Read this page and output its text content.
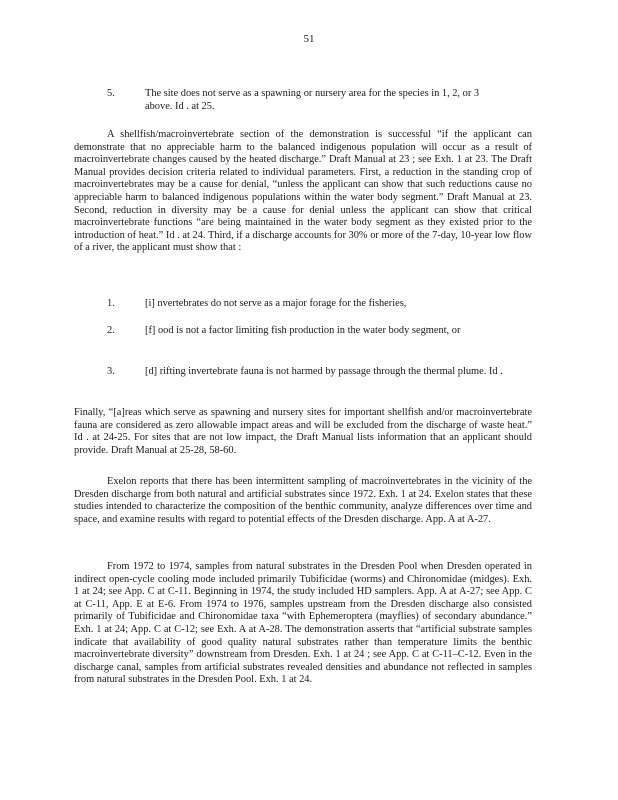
51
5.	The site does not serve as a spawning or nursery area for the species in 1, 2, or 3 above. Id . at 25.

A shellfish/macroinvertebrate section of the demonstration is successful “if the applicant can demonstrate that no appreciable harm to the balanced indigenous population will occur as a result of macroinvertebrate changes caused by the heated discharge.” Draft Manual at 23 ; see Exh. 1 at 23. The Draft Manual provides decision criteria related to individual parameters. First, a reduction in the standing crop of macroinvertebrates may be a cause for denial, “unless the applicant can show that such reductions cause no appreciable harm to balanced indigenous populations within the water body segment.” Draft Manual at 23. Second, reduction in diversity may be a cause for denial unless the applicant can show that critical macroinvertebrate functions “are being maintained in the water body segment as they existed prior to the introduction of heat.” Id . at 24. Third, if a discharge accounts for 30% or more of the 7-day, 10-year low flow of a river, the applicant must show that :

1.	[i] nvertebrates do not serve as a major forage for the fisheries,
2.	[f] ood is not a factor limiting fish production in the water body segment, or
3.	[d] rifting invertebrate fauna is not harmed by passage through the thermal plume. Id .

Finally, “[a]reas which serve as spawning and nursery sites for important shellfish and/or macroinvertebrate fauna are considered as zero allowable impact areas and will be excluded from the discharge of waste heat.” Id . at 24-25. For sites that are not low impact, the Draft Manual lists information that an applicant should provide. Draft Manual at 25-28, 58-60.

Exelon reports that there has been intermittent sampling of macroinvertebrates in the vicinity of the Dresden discharge from both natural and artificial substrates since 1972. Exh. 1 at 24. Exelon states that these studies intended to characterize the composition of the benthic community, analyze differences over time and space, and examine results with regard to potential effects of the Dresden discharge. App. A at A-27.

From 1972 to 1974, samples from natural substrates in the Dresden Pool when Dresden operated in indirect open-cycle cooling mode included primarily Tubificidae (worms) and Chironomidae (midges). Exh. 1 at 24; see App. C at C-11. Beginning in 1974, the study included HD samplers. App. A at A-27; see App. C at C-11, App. E at E-6. From 1974 to 1976, samples upstream from the Dresden discharge also consisted primarily of Tubificidae and Chironomidae taxa “with Ephemeroptera (mayflies) of secondary abundance.” Exh. 1 at 24; App. C at C-12; see Exh. A at A-28. The demonstration asserts that “artificial substrate samples indicate that availability of good quality natural substrates rather than temperature limits the benthic macroinvertebrate diversity” downstream from Dresden. Exh. 1 at 24 ; see App. C at C-11–C-12. Even in the discharge canal, samples from artificial substrates revealed densities and abundance not reflected in samples from natural substrates in the Dresden Pool. Exh. 1 at 24.
